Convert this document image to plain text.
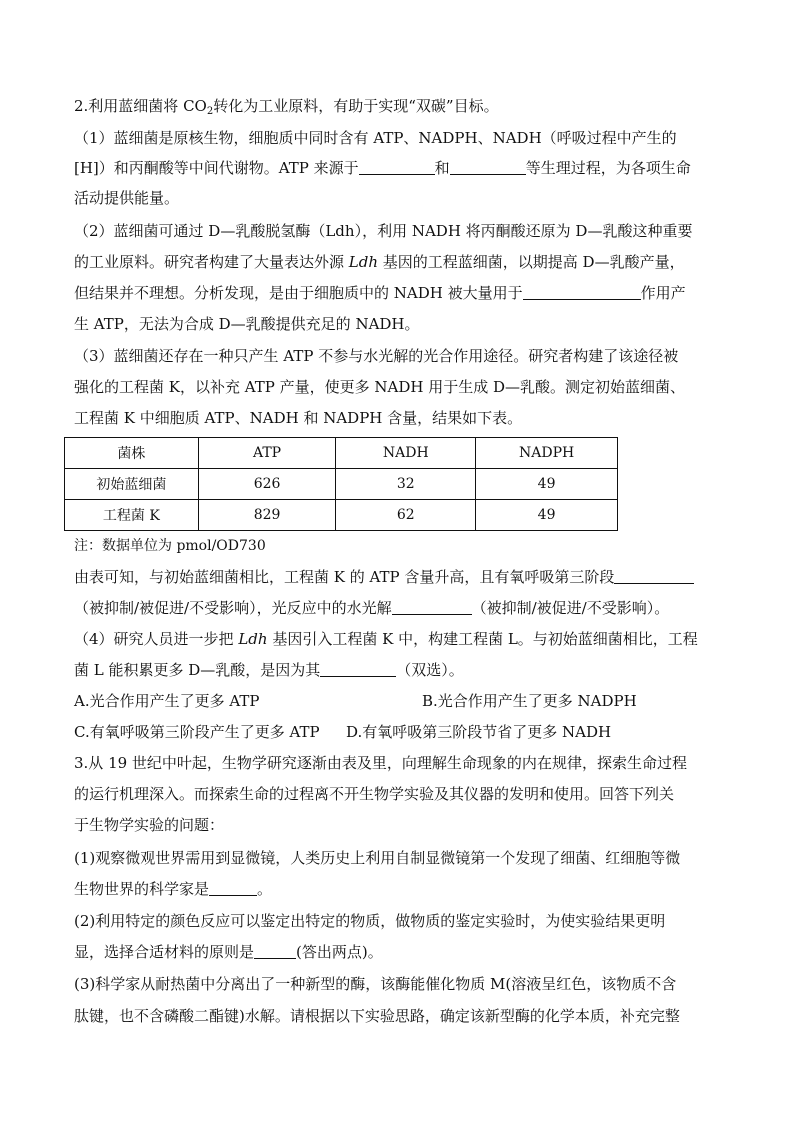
2.利用蓝细菌将 $CO_2$转化为工业原料，有助于实现“双碳”目标。
（1）蓝细菌是原核生物，细胞质中同时含有 ATP、NADPH、NADH（呼吸过程中产生的
[H]）和丙酮酸等中间代谢物。ATP 来源于	和	等生理过程，为各项生命
活动提供能量。
（2）蓝细菌可通过 D—乳酸脱氢酶（Ldh），利用 NADH 将丙酮酸还原为 D—乳酸这种重要
的工业原料。研究者构建了大量表达外源 Ldh 基因的工程蓝细菌，以期提高 D—乳酸产量，
但结果并不理想。分析发现，是由于细胞质中的 NADH 被大量用于	作用产
生 ATP，无法为合成 D—乳酸提供充足的 NADH。
（3）蓝细菌还存在一种只产生 ATP 不参与水光解的光合作用途径。研究者构建了该途径被
强化的工程菌 K，以补充 ATP 产量，使更多 NADH 用于生成 D—乳酸。测定初始蓝细菌、
工程菌 K 中细胞质 ATP、NADH 和 NADPH 含量，结果如下表。
菌株	ATP	NADH	NADPH
初始蓝细菌	626	32	49
工程菌 K	829	62	49
注：数据单位为 pmol/OD730
由表可知，与初始蓝细菌相比，工程菌 K 的 ATP 含量升高，且有氧呼吸第三阶段
（被抑制/被促进/不受影响），光反应中的水光解	（被抑制/被促进/不受影响）。
（4）研究人员进一步把 Ldh 基因引入工程菌 K 中，构建工程菌 L。与初始蓝细菌相比，工程
菌 L 能积累更多 D—乳酸，是因为其	（双选）。
A.光合作用产生了更多 ATP	B.光合作用产生了更多 NADPH
C.有氧呼吸第三阶段产生了更多 ATP D.有氧呼吸第三阶段节省了更多 NADH
3.从 19 世纪中叶起，生物学研究逐渐由表及里，向理解生命现象的内在规律，探索生命过程
的运行机理深入。而探索生命的过程离不开生物学实验及其仪器的发明和使用。回答下列关
于生物学实验的问题：
(1)观察微观世界需用到显微镜，人类历史上利用自制显微镜第一个发现了细菌、红细胞等微
生物世界的科学家是	。
(2)利用特定的颜色反应可以鉴定出特定的物质，做物质的鉴定实验时，为使实验结果更明
显，选择合适材料的原则是	(答出两点)。
(3)科学家从耐热菌中分离出了一种新型的酶，该酶能催化物质 M(溶液呈红色，该物质不含
肽键，也不含磷酸二酯键)水解。请根据以下实验思路，确定该新型酶的化学本质，补充完整
